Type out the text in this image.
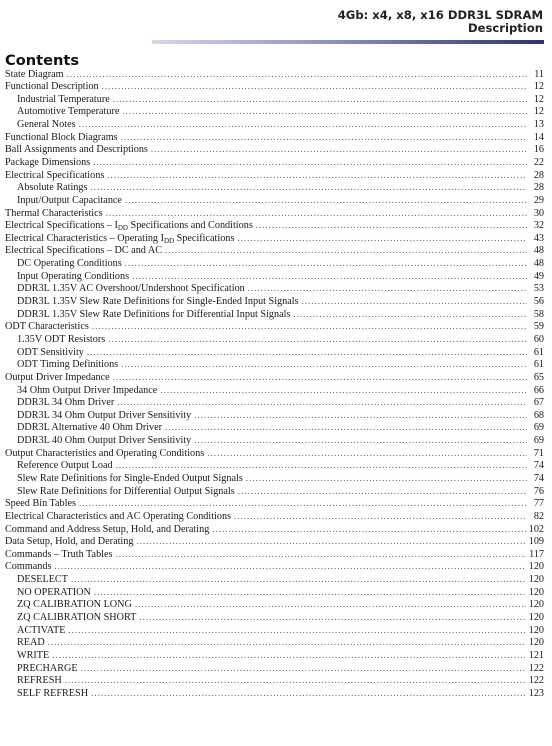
4Gb: x4, x8, x16 DDR3L SDRAM
Description
Contents
State Diagram .....	11
Functional Description .....	12
Industrial Temperature .....	12
Automotive Temperature .....	12
General Notes .....	13
Functional Block Diagrams .....	14
Ball Assignments and Descriptions .....	16
Package Dimensions .....	22
Electrical Specifications .....	28
Absolute Ratings .....	28
Input/Output Capacitance .....	29
Thermal Characteristics .....	30
Electrical Specifications – $I_{DD}$ Specifications and Conditions .....	32
Electrical Characteristics – Operating $I_{DD}$ Specifications .....	43
Electrical Specifications – DC and AC .....	48
DC Operating Conditions .....	48
Input Operating Conditions .....	49
DDR3L 1.35V AC Overshoot/Undershoot Specification .....	53
DDR3L 1.35V Slew Rate Definitions for Single-Ended Input Signals .....	56
DDR3L 1.35V Slew Rate Definitions for Differential Input Signals .....	58
ODT Characteristics .....	59
1.35V ODT Resistors .....	60
ODT Sensitivity .....	61
ODT Timing Definitions .....	61
Output Driver Impedance .....	65
34 Ohm Output Driver Impedance .....	66
DDR3L 34 Ohm Driver .....	67
DDR3L 34 Ohm Output Driver Sensitivity .....	68
DDR3L Alternative 40 Ohm Driver .....	69
DDR3L 40 Ohm Output Driver Sensitivity .....	69
Output Characteristics and Operating Conditions .....	71
Reference Output Load .....	74
Slew Rate Definitions for Single-Ended Output Signals .....	74
Slew Rate Definitions for Differential Output Signals .....	76
Speed Bin Tables .....	77
Electrical Characteristics and AC Operating Conditions .....	82
Command and Address Setup, Hold, and Derating .....	102
Data Setup, Hold, and Derating .....	109
Commands – Truth Tables .....	117
Commands .....	120
DESELECT .....	120
NO OPERATION .....	120
ZQ CALIBRATION LONG .....	120
ZQ CALIBRATION SHORT .....	120
ACTIVATE .....	120
READ .....	120
WRITE .....	121
PRECHARGE .....	122
REFRESH .....	122
SELF REFRESH .....	123
